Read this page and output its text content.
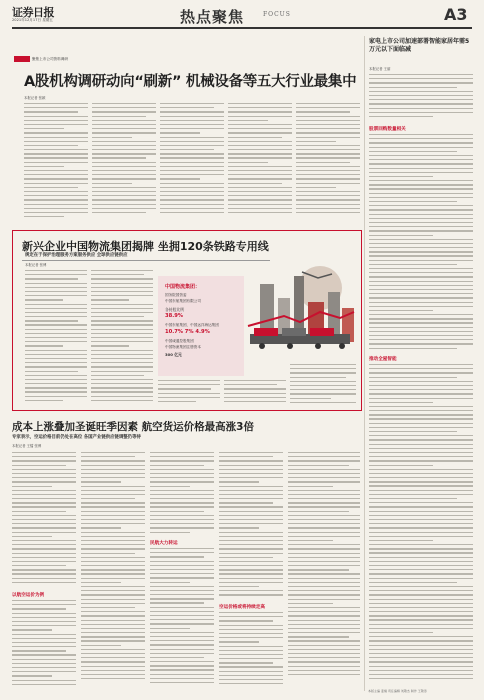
证券日报
2021年12月17日 星期五	热点聚焦	FOCUS	A3
聚焦上市公司资料调研
A股机构调研动向“刷新” 机械设备等五大行业最集中
本报记者 张颖
家电上市公司加速部署智能家居年需5万元以下面临减
本报记者 王丽
股票回购数量相关
推动全屋智能
新兴企业中国物流集团揭牌 坐拥120条铁路专用线
规定在于保护治理服务方案服务供应 全球供应链供应
本报记者 张博
中国物流集团：
国务院国资委
中国东航集团有限公司
各持股比例
38.9%
中国东航集团、中国远洋海运集团
10.7% 7% 4.9%
中国诚通控股集团
中国物流集团注册资本
300 亿元
成本上涨叠加圣诞旺季因素 航空货运价格最高涨3倍
专家表示，空运价格目前仍处在高位 各国产业链供应链调整仍等待
本报记者 王镭 张博
以航空运价为例
民航大力转运
空运价格或将持续走高
本版主编 姜楠 责任编辑 刘敬杰 制作 王敬涛
